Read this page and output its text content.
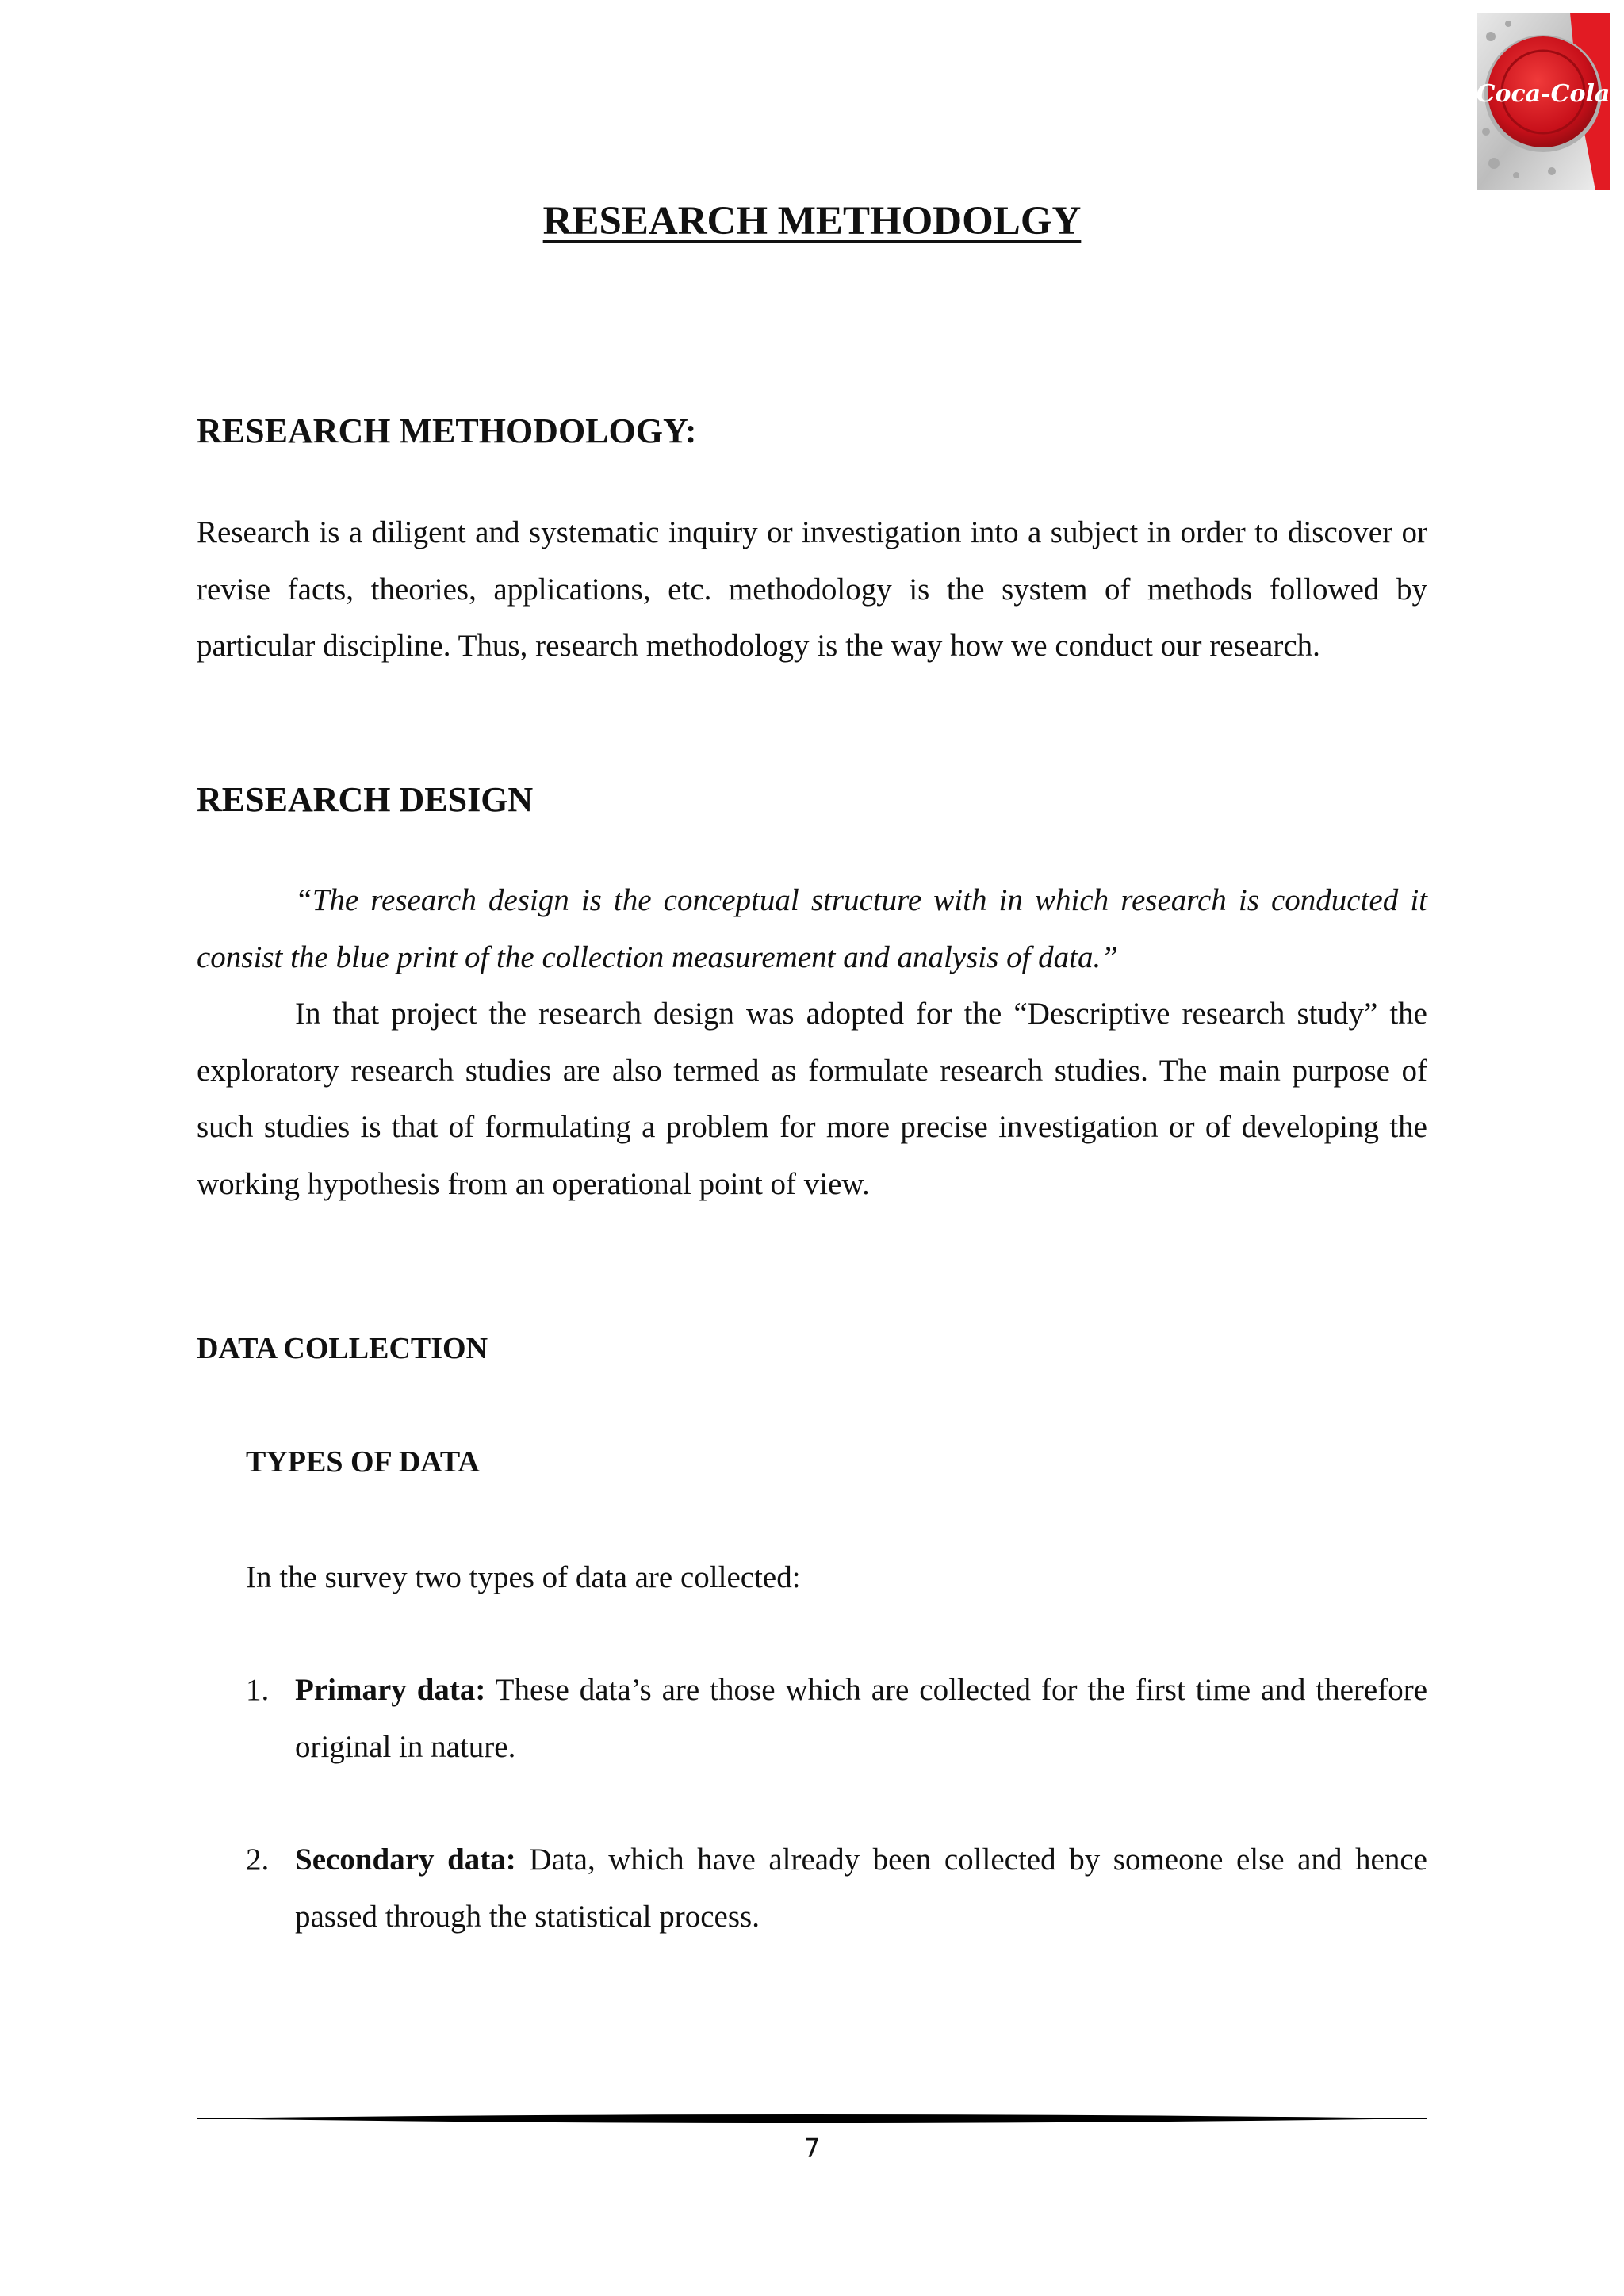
Coca-Cola
RESEARCH METHODOLGY
RESEARCH METHODOLOGY:

Research is a diligent and systematic inquiry or investigation into a subject in order to discover or revise facts, theories, applications, etc. methodology is the system of methods followed by particular discipline. Thus, research methodology is the way how we conduct our research.

RESEARCH DESIGN

“The research design is the conceptual structure with in which research is conducted it consist the blue print of the collection measurement and analysis of data.”

In that project the research design was adopted for the “Descriptive research study” the exploratory research studies are also termed as formulate research studies. The main purpose of such studies is that of formulating a problem for more precise investigation or of developing the working hypothesis from an operational point of view.

DATA COLLECTION
TYPES OF DATA

In the survey two types of data are collected:

1. Primary data: These data’s are those which are collected for the first time and therefore original in nature.
2. Secondary data: Data, which have already been collected by someone else and hence passed through the statistical process.
7
